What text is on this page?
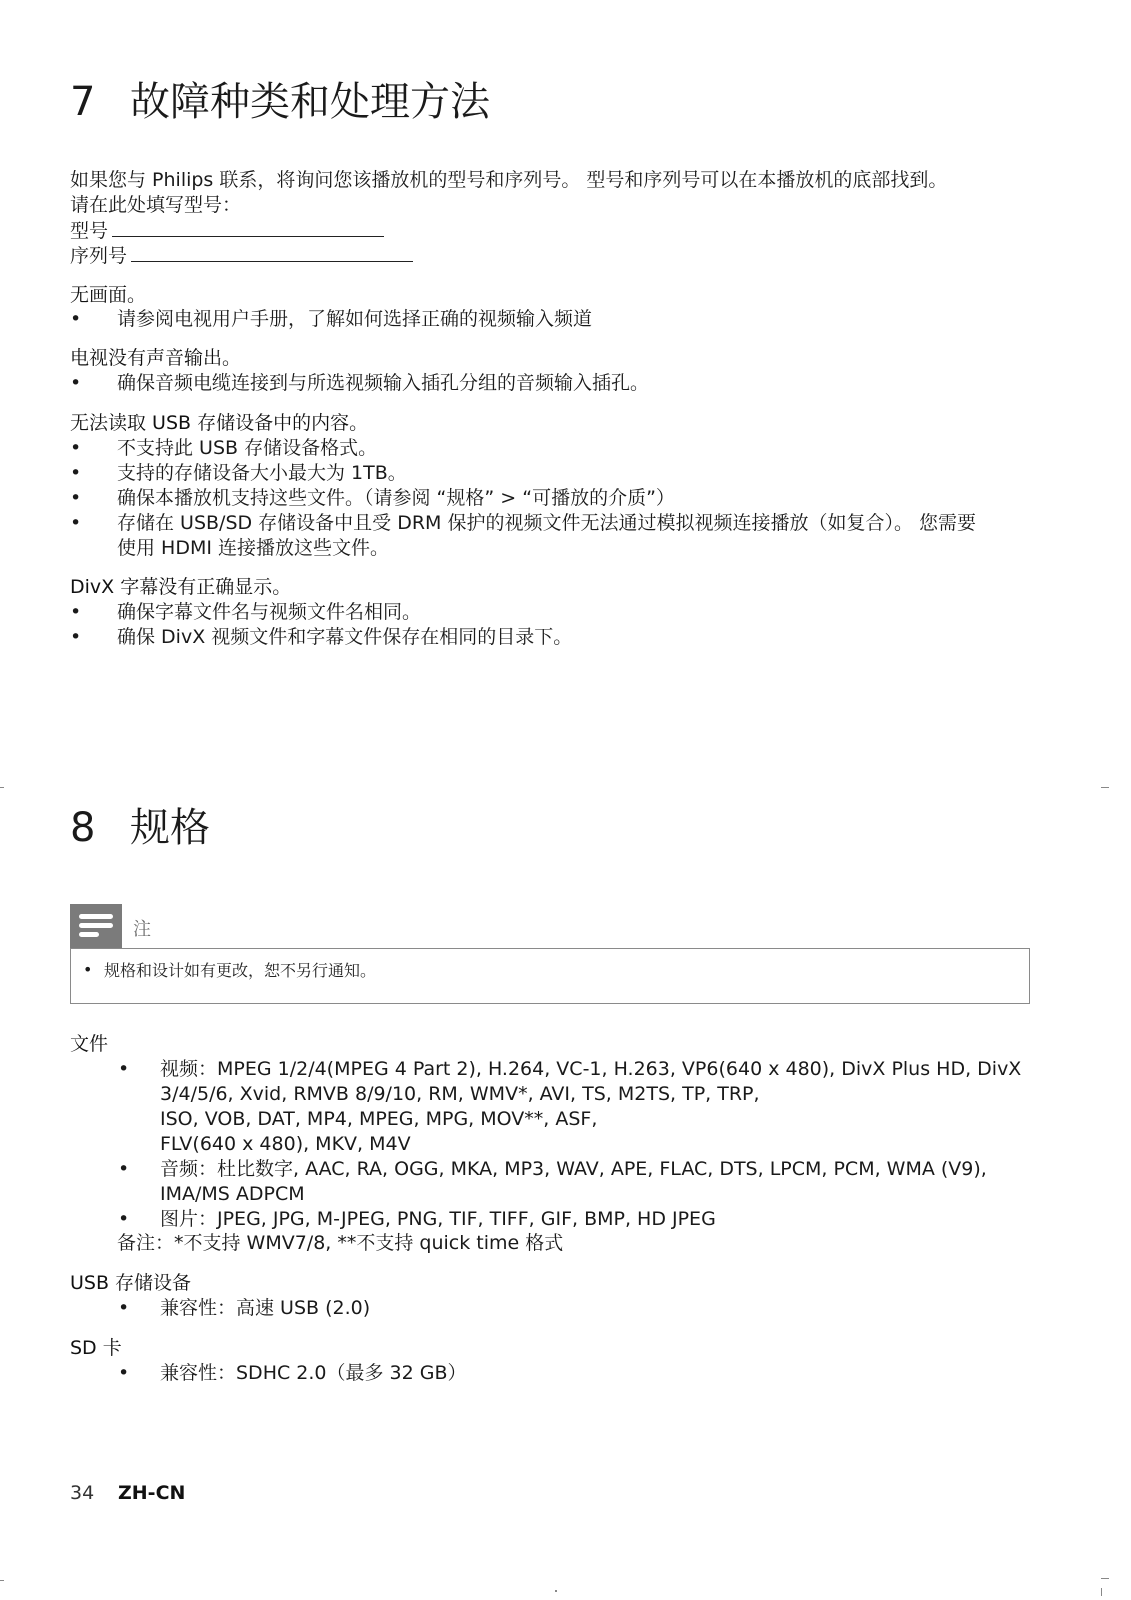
7 故障种类和处理方法
如果您与 Philips 联系，将询问您该播放机的型号和序列号。 型号和序列号可以在本播放机的底部找到。
请在此处填写型号：
型号
序列号
无画面。
•	请参阅电视用户手册，了解如何选择正确的视频输入频道
电视没有声音输出。
•	确保音频电缆连接到与所选视频输入插孔分组的音频输入插孔。
无法读取 USB 存储设备中的内容。
•	不支持此 USB 存储设备格式。
•	支持的存储设备大小最大为 1TB。
•	确保本播放机支持这些文件。（请参阅 “规格” > “可播放的介质”）
•	存储在 USB/SD 存储设备中且受 DRM 保护的视频文件无法通过模拟视频连接播放（如复合）。 您需要
使用 HDMI 连接播放这些文件。
DivX 字幕没有正确显示。
•	确保字幕文件名与视频文件名相同。
•	确保 DivX 视频文件和字幕文件保存在相同的目录下。
8 规格
注
• 规格和设计如有更改，恕不另行通知。
文件
•	视频：MPEG 1/2/4(MPEG 4 Part 2), H.264, VC-1, H.263, VP6(640 x 480), DivX Plus HD, DivX
3/4/5/6, Xvid, RMVB 8/9/10, RM, WMV*, AVI, TS, M2TS, TP, TRP,
ISO, VOB, DAT, MP4, MPEG, MPG, MOV**, ASF,
FLV(640 x 480), MKV, M4V
•	音频：杜比数字, AAC, RA, OGG, MKA, MP3, WAV, APE, FLAC, DTS, LPCM, PCM, WMA (V9),
IMA/MS ADPCM
•	图片：JPEG, JPG, M-JPEG, PNG, TIF, TIFF, GIF, BMP, HD JPEG
备注：*不支持 WMV7/8, **不支持 quick time 格式
USB 存储设备
•	兼容性：高速 USB (2.0)
SD 卡
•	兼容性：SDHC 2.0（最多 32 GB）
34 ZH-CN
